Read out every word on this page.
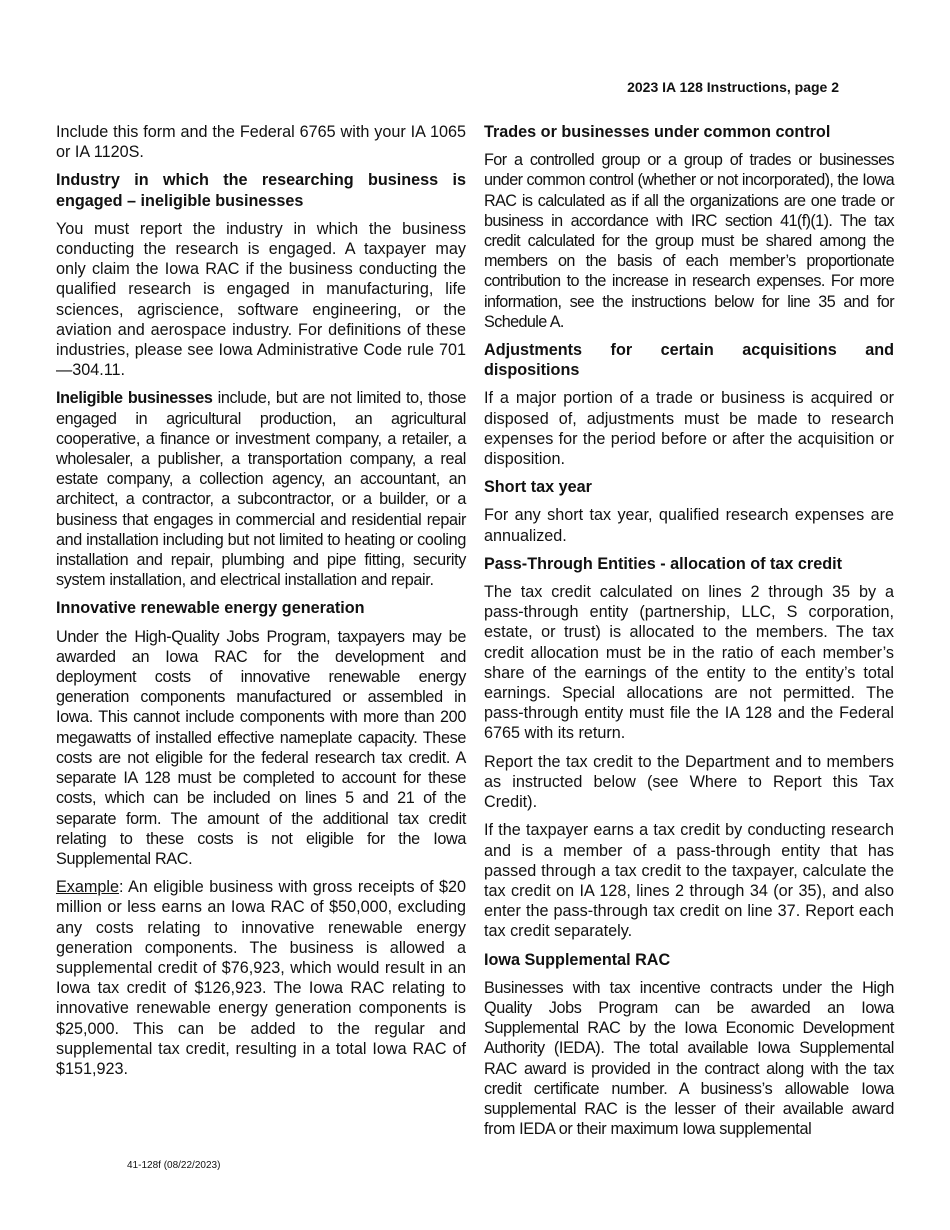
2023 IA 128 Instructions, page 2

Include this form and the Federal 6765 with your IA 1065 or IA 1120S.

Industry in which the researching business is engaged – ineligible businesses

You must report the industry in which the business conducting the research is engaged. A taxpayer may only claim the Iowa RAC if the business conducting the qualified research is engaged in manufacturing, life sciences, agriscience, software engineering, or the aviation and aerospace industry. For definitions of these industries, please see Iowa Administrative Code rule 701—304.11.

Ineligible businesses include, but are not limited to, those engaged in agricultural production, an agricultural cooperative, a finance or investment company, a retailer, a wholesaler, a publisher, a transportation company, a real estate company, a collection agency, an accountant, an architect, a contractor, a subcontractor, or a builder, or a business that engages in commercial and residential repair and installation including but not limited to heating or cooling installation and repair, plumbing and pipe fitting, security system installation, and electrical installation and repair.

Innovative renewable energy generation

Under the High-Quality Jobs Program, taxpayers may be awarded an Iowa RAC for the development and deployment costs of innovative renewable energy generation components manufactured or assembled in Iowa. This cannot include components with more than 200 megawatts of installed effective nameplate capacity. These costs are not eligible for the federal research tax credit. A separate IA 128 must be completed to account for these costs, which can be included on lines 5 and 21 of the separate form. The amount of the additional tax credit relating to these costs is not eligible for the Iowa Supplemental RAC.

Example: An eligible business with gross receipts of $20 million or less earns an Iowa RAC of $50,000, excluding any costs relating to innovative renewable energy generation components. The business is allowed a supplemental credit of $76,923, which would result in an Iowa tax credit of $126,923. The Iowa RAC relating to innovative renewable energy generation components is $25,000. This can be added to the regular and supplemental tax credit, resulting in a total Iowa RAC of $151,923.

Trades or businesses under common control

For a controlled group or a group of trades or businesses under common control (whether or not incorporated), the Iowa RAC is calculated as if all the organizations are one trade or business in accordance with IRC section 41(f)(1). The tax credit calculated for the group must be shared among the members on the basis of each member’s proportionate contribution to the increase in research expenses. For more information, see the instructions below for line 35 and for Schedule A.

Adjustments for certain acquisitions and dispositions

If a major portion of a trade or business is acquired or disposed of, adjustments must be made to research expenses for the period before or after the acquisition or disposition.

Short tax year

For any short tax year, qualified research expenses are annualized.

Pass-Through Entities - allocation of tax credit

The tax credit calculated on lines 2 through 35 by a pass-through entity (partnership, LLC, S corporation, estate, or trust) is allocated to the members. The tax credit allocation must be in the ratio of each member’s share of the earnings of the entity to the entity’s total earnings. Special allocations are not permitted. The pass-through entity must file the IA 128 and the Federal 6765 with its return.

Report the tax credit to the Department and to members as instructed below (see Where to Report this Tax Credit).

If the taxpayer earns a tax credit by conducting research and is a member of a pass-through entity that has passed through a tax credit to the taxpayer, calculate the tax credit on IA 128, lines 2 through 34 (or 35), and also enter the pass-through tax credit on line 37. Report each tax credit separately.

Iowa Supplemental RAC

Businesses with tax incentive contracts under the High Quality Jobs Program can be awarded an Iowa Supplemental RAC by the Iowa Economic Development Authority (IEDA). The total available Iowa Supplemental RAC award is provided in the contract along with the tax credit certificate number. A business’s allowable Iowa supplemental RAC is the lesser of their available award from IEDA or their maximum Iowa supplemental

41-128f (08/22/2023)
